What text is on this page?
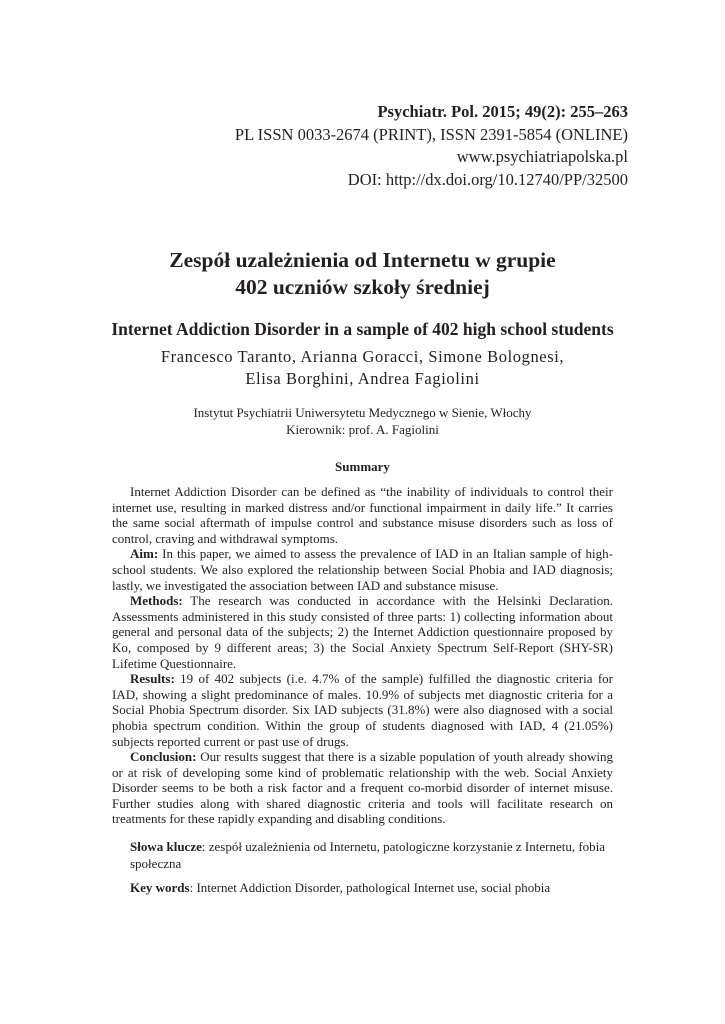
Psychiatr. Pol. 2015; 49(2): 255–263
PL ISSN 0033-2674 (PRINT), ISSN 2391-5854 (ONLINE)
www.psychiatriapolska.pl
DOI: http://dx.doi.org/10.12740/PP/32500
Zespół uzależnienia od Internetu w grupie
402 uczniów szkoły średniej
Internet Addiction Disorder in a sample of 402 high school students
Francesco Taranto, Arianna Goracci, Simone Bolognesi,
Elisa Borghini, Andrea Fagiolini
Instytut Psychiatrii Uniwersytetu Medycznego w Sienie, Włochy
Kierownik: prof. A. Fagiolini
Summary

Internet Addiction Disorder can be defined as “the inability of individuals to control their internet use, resulting in marked distress and/or functional impairment in daily life.” It carries the same social aftermath of impulse control and substance misuse disorders such as loss of control, craving and withdrawal symptoms.

Aim: In this paper, we aimed to assess the prevalence of IAD in an Italian sample of high-school students. We also explored the relationship between Social Phobia and IAD diagnosis; lastly, we investigated the association between IAD and substance misuse.

Methods: The research was conducted in accordance with the Helsinki Declaration. Assessments administered in this study consisted of three parts: 1) collecting information about general and personal data of the subjects; 2) the Internet Addiction questionnaire proposed by Ko, composed by 9 different areas; 3) the Social Anxiety Spectrum Self-Report (SHY-SR) Lifetime Questionnaire.

Results: 19 of 402 subjects (i.e. 4.7% of the sample) fulfilled the diagnostic criteria for IAD, showing a slight predominance of males. 10.9% of subjects met diagnostic criteria for a Social Phobia Spectrum disorder. Six IAD subjects (31.8%) were also diagnosed with a social phobia spectrum condition. Within the group of students diagnosed with IAD, 4 (21.05%) subjects reported current or past use of drugs.

Conclusion: Our results suggest that there is a sizable population of youth already showing or at risk of developing some kind of problematic relationship with the web. Social Anxiety Disorder seems to be both a risk factor and a frequent co-morbid disorder of internet misuse. Further studies along with shared diagnostic criteria and tools will facilitate research on treatments for these rapidly expanding and disabling conditions.

Słowa klucze: zespół uzależnienia od Internetu, patologiczne korzystanie z Internetu, fobia społeczna

Key words: Internet Addiction Disorder, pathological Internet use, social phobia
